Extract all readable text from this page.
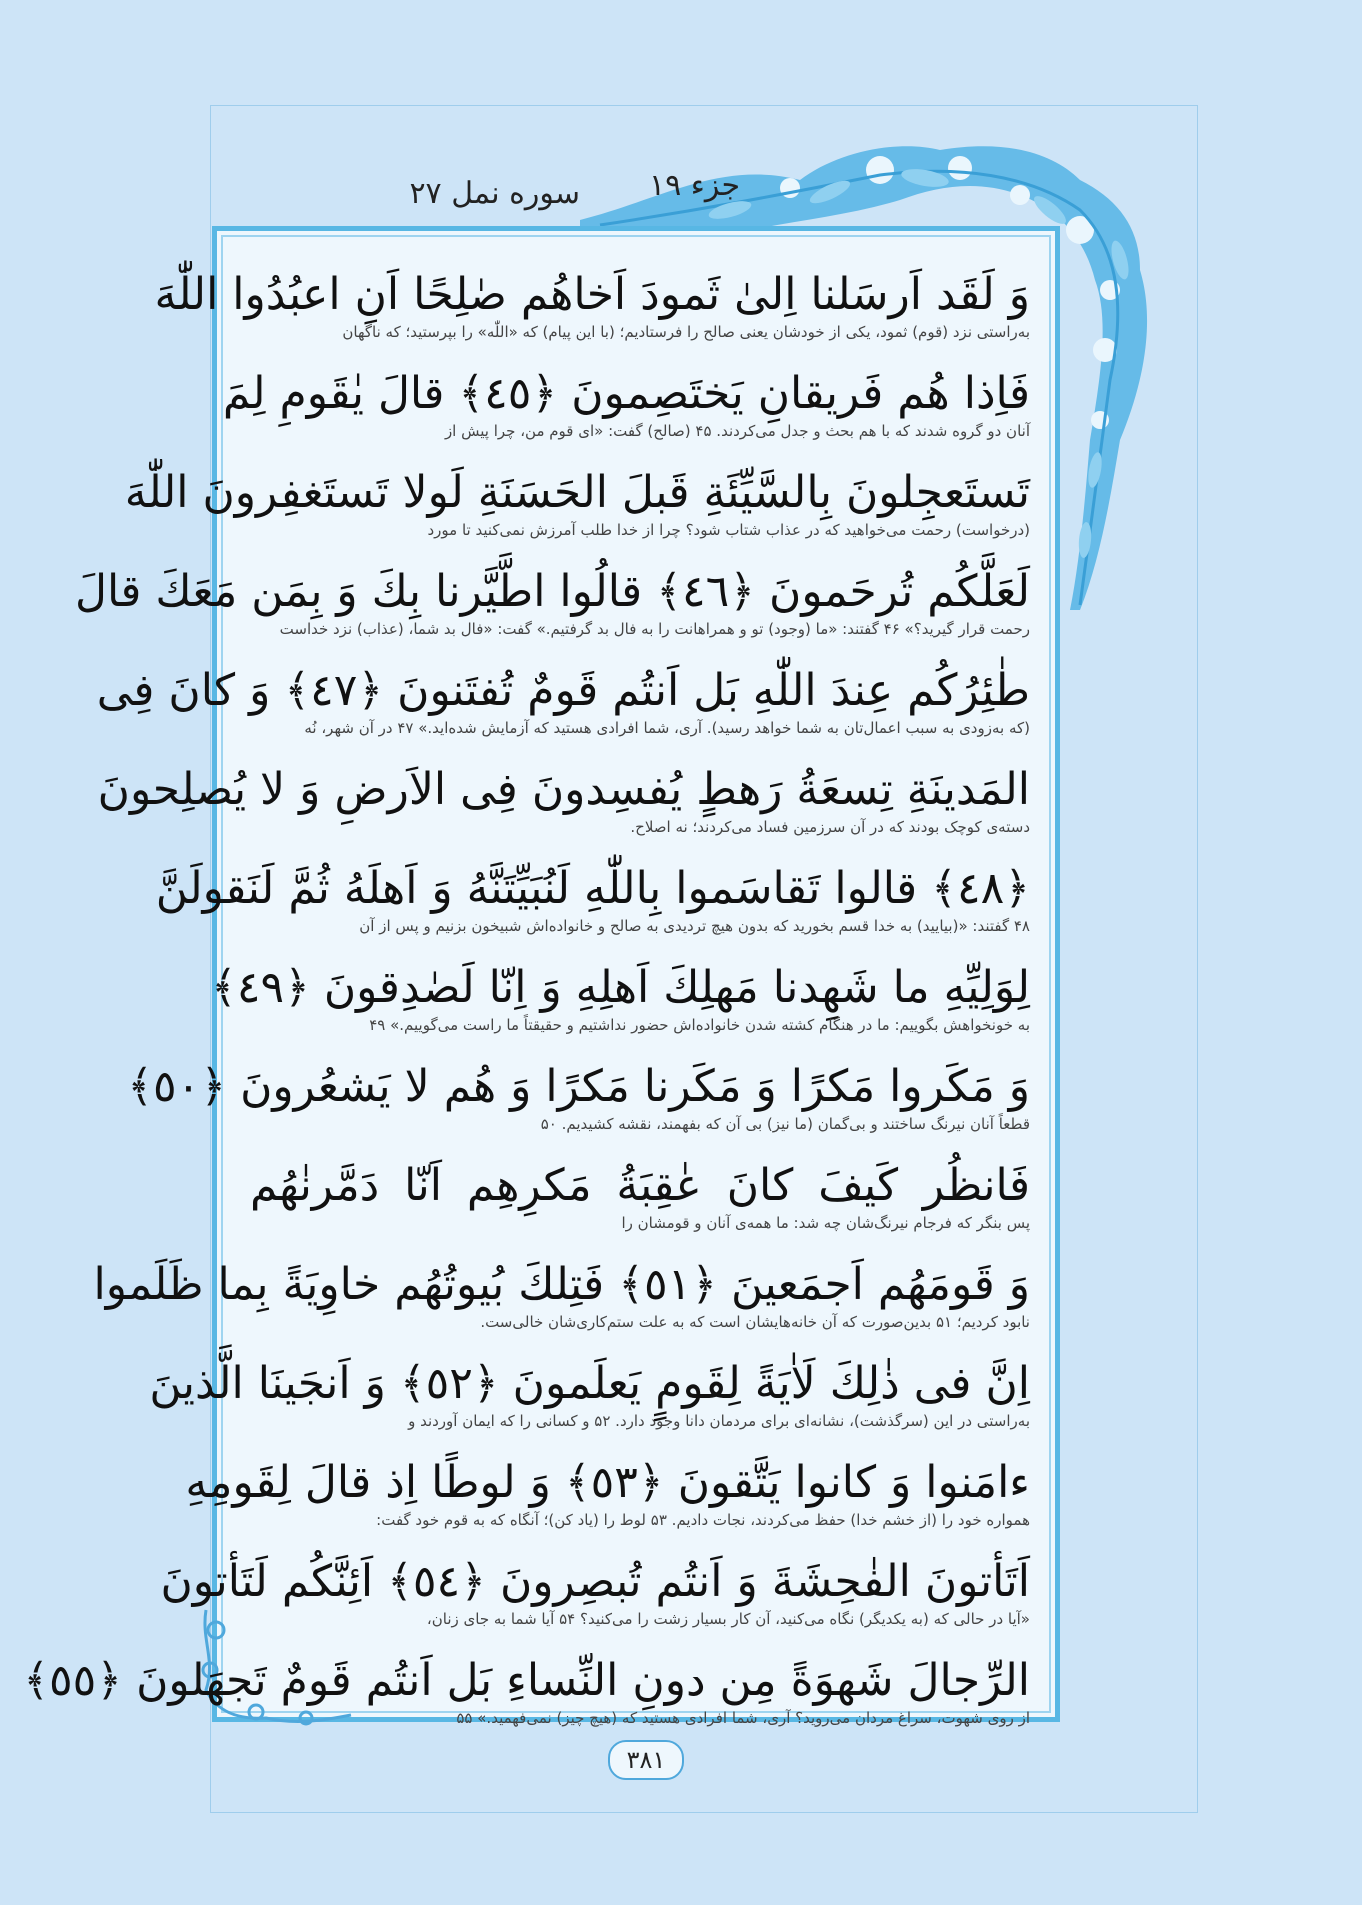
جزء ۱۹
سوره نمل ۲۷
وَ لَقَد اَرسَلنا اِلىٰ ثَمودَ اَخاهُم صٰلِحًا اَنِ اعبُدُوا اللّٰهَ
به‌راستی نزد (قوم) ثمود، یکی از خودشان یعنی صالح را فرستادیم؛ (با این پیام) که «اللّٰه» را بپرستید؛ که ناگهان
فَاِذا هُم فَريقانِ يَختَصِمونَ ﴿٤٥﴾ قالَ يٰقَومِ لِمَ
آنان دو گروه شدند که با هم بحث و جدل می‌کردند. ۴۵ (صالح) گفت: «ای قوم من، چرا پیش از
تَستَعجِلونَ بِالسَّيِّئَةِ قَبلَ الحَسَنَةِ لَولا تَستَغفِرونَ اللّٰهَ
(درخواست) رحمت می‌خواهید که در عذاب شتاب شود؟ چرا از خدا طلب آمرزش نمی‌کنید تا مورد
لَعَلَّكُم تُرحَمونَ ﴿٤٦﴾ قالُوا اطَّيَّرنا بِكَ وَ بِمَن مَعَكَ قالَ
رحمت قرار گیرید؟» ۴۶ گفتند: «ما (وجود) تو و همراهانت را به فال بد گرفتیم.» گفت: «فال بد شما، (عذاب) نزد خداست
طٰئِرُكُم عِندَ اللّٰهِ بَل اَنتُم قَومٌ تُفتَنونَ ﴿٤٧﴾ وَ كانَ فِى
(که به‌زودی به سبب اعمال‌تان به شما خواهد رسید). آری، شما افرادی هستید که آزمایش شده‌اید.» ۴۷ در آن شهر، نُه
المَدينَةِ تِسعَةُ رَهطٍ يُفسِدونَ فِى الاَرضِ وَ لا يُصلِحونَ
دسته‌ی کوچک بودند که در آن سرزمین فساد می‌کردند؛ نه اصلاح.
﴿٤٨﴾ قالوا تَقاسَموا بِاللّٰهِ لَنُبَيِّتَنَّهُ وَ اَهلَهُ ثُمَّ لَنَقولَنَّ
۴۸ گفتند: «(بیایید) به خدا قسم بخورید که بدون هیچ تردیدی به صالح و خانواده‌اش شبیخون بزنیم و پس از آن
لِوَلِيِّهِ ما شَهِدنا مَهلِكَ اَهلِهِ وَ اِنّا لَصٰدِقونَ ﴿٤٩﴾
به خونخواهش بگوییم: ما در هنگام کشته شدن خانواده‌اش حضور نداشتیم و حقیقتاً ما راست می‌گوییم.» ۴۹
وَ مَكَروا مَكرًا وَ مَكَرنا مَكرًا وَ هُم لا يَشعُرونَ ﴿٥٠﴾
قطعاً آنان نیرنگ ساختند و بی‌گمان (ما نیز) بی آن که بفهمند، نقشه کشیدیم. ۵۰
فَانظُر كَيفَ كانَ عٰقِبَةُ مَكرِهِم اَنّا دَمَّرنٰهُم
پس بنگر که فرجام نیرنگ‌شان چه شد: ما همه‌ی آنان و قومشان را
وَ قَومَهُم اَجمَعينَ ﴿٥١﴾ فَتِلكَ بُيوتُهُم خاوِيَةً بِما ظَلَموا
نابود کردیم؛ ۵۱ بدین‌صورت که آن خانه‌هایشان است که به علت ستم‌کاری‌شان خالی‌ست.
اِنَّ فى ذٰلِكَ لَاٰيَةً لِقَومٍ يَعلَمونَ ﴿٥٢﴾ وَ اَنجَينَا الَّذينَ
به‌راستی در این (سرگذشت)، نشانه‌ای برای مردمان دانا وجود دارد. ۵۲ و کسانی را که ایمان آوردند و
ءامَنوا وَ كانوا يَتَّقونَ ﴿٥٣﴾ وَ لوطًا اِذ قالَ لِقَومِهِ
همواره خود را (از خشم خدا) حفظ می‌کردند، نجات دادیم. ۵۳ لوط را (یاد کن)؛ آنگاه که به قوم خود گفت:
اَتَأتونَ الفٰحِشَةَ وَ اَنتُم تُبصِرونَ ﴿٥٤﴾ اَئِنَّكُم لَتَأتونَ
«آیا در حالی که (به یکدیگر) نگاه می‌کنید، آن کار بسیار زشت را می‌کنید؟ ۵۴ آیا شما به جای زنان،
الرِّجالَ شَهوَةً مِن دونِ النِّساءِ بَل اَنتُم قَومٌ تَجهَلونَ ﴿٥٥﴾
از روی شهوت، سراغ مردان می‌روید؟ آری، شما افرادی هستید که (هیچ چیز) نمی‌فهمید.» ۵۵
۳۸۱
